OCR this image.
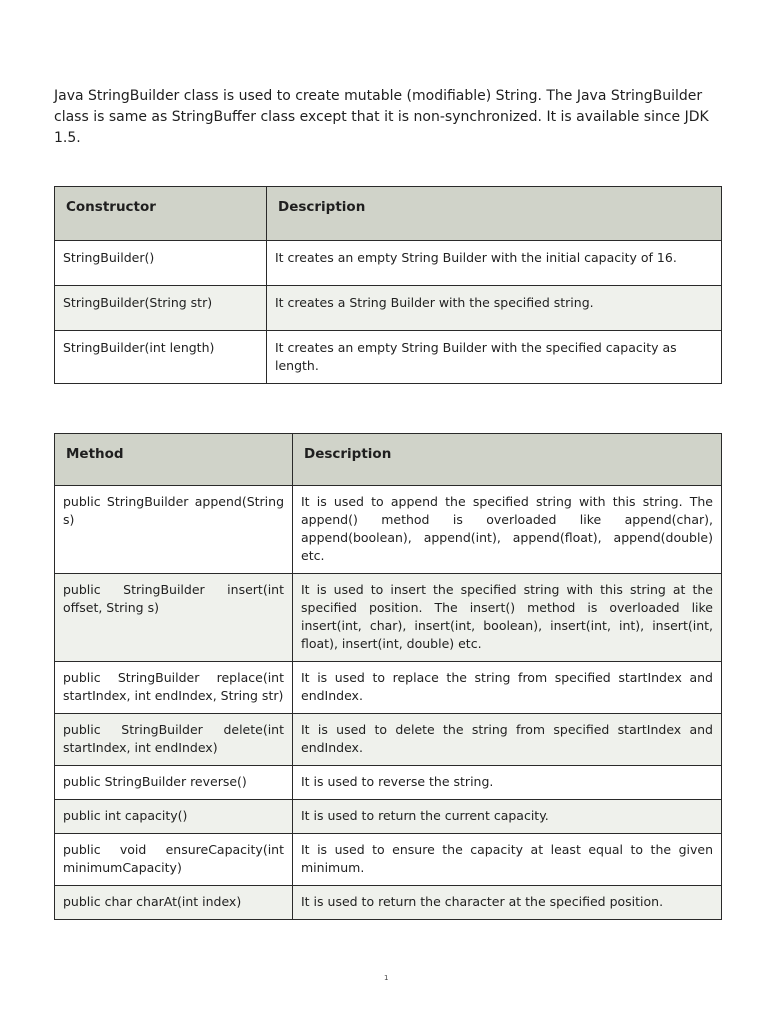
Java StringBuilder class is used to create mutable (modifiable) String. The Java StringBuilder class is same as StringBuffer class except that it is non-synchronized. It is available since JDK 1.5.

Constructor	Description
StringBuilder()	It creates an empty String Builder with the initial capacity of 16.
StringBuilder(String str)	It creates a String Builder with the specified string.
StringBuilder(int length)	It creates an empty String Builder with the specified capacity as length.
Method	Description
public StringBuilder append(String s)	It is used to append the specified string with this string. The append() method is overloaded like append(char), append(boolean), append(int), append(float), append(double) etc.
public StringBuilder insert(int offset, String s)	It is used to insert the specified string with this string at the specified position. The insert() method is overloaded like insert(int, char), insert(int, boolean), insert(int, int), insert(int, float), insert(int, double) etc.
public StringBuilder replace(int startIndex, int endIndex, String str)	It is used to replace the string from specified startIndex and endIndex.
public StringBuilder delete(int startIndex, int endIndex)	It is used to delete the string from specified startIndex and endIndex.
public StringBuilder reverse()	It is used to reverse the string.
public int capacity()	It is used to return the current capacity.
public void ensureCapacity(int minimumCapacity)	It is used to ensure the capacity at least equal to the given minimum.
public char charAt(int index)	It is used to return the character at the specified position.
1
